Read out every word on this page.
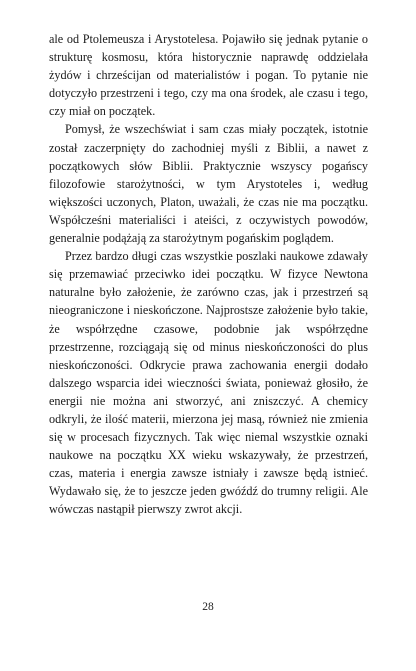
ale od Ptolemeusza i Arystotelesa. Pojawiło się jednak pytanie o strukturę kosmosu, która historycznie naprawdę oddzielała żydów i chrześcijan od materialistów i pogan. To pytanie nie dotyczyło przestrzeni i tego, czy ma ona środek, ale czasu i tego, czy miał on początek.

Pomysł, że wszechświat i sam czas miały początek, istotnie został zaczerpnięty do zachodniej myśli z Biblii, a nawet z początkowych słów Biblii. Praktycznie wszyscy pogańscy filozofowie starożytności, w tym Arystoteles i, według większości uczonych, Platon, uważali, że czas nie ma początku. Współcześni materialiści i ateiści, z oczywistych powodów, generalnie podążają za starożytnym pogańskim poglądem.

Przez bardzo długi czas wszystkie poszlaki naukowe zdawały się przemawiać przeciwko idei początku. W fizyce Newtona naturalne było założenie, że zarówno czas, jak i przestrzeń są nieograniczone i nieskończone. Najprostsze założenie było takie, że współrzędne czasowe, podobnie jak współrzędne przestrzenne, rozciągają się od minus nieskończoności do plus nieskończoności. Odkrycie prawa zachowania energii dodało dalszego wsparcia idei wieczności świata, ponieważ głosiło, że energii nie można ani stworzyć, ani zniszczyć. A chemicy odkryli, że ilość materii, mierzona jej masą, również nie zmienia się w procesach fizycznych. Tak więc niemal wszystkie oznaki naukowe na początku XX wieku wskazywały, że przestrzeń, czas, materia i energia zawsze istniały i zawsze będą istnieć. Wydawało się, że to jeszcze jeden gwóźdź do trumny religii. Ale wówczas nastąpił pierwszy zwrot akcji.

28
